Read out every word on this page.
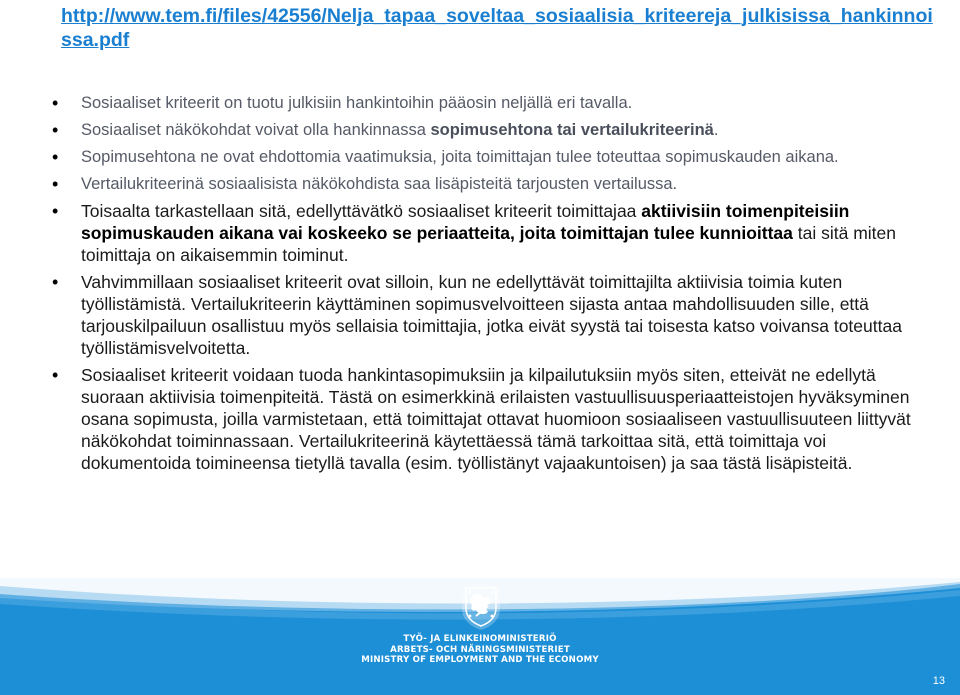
http://www.tem.fi/files/42556/Nelja_tapaa_soveltaa_sosiaalisia_kriteereja_julkisissa_hankinnoissa.pdf
• Sosiaaliset kriteerit on tuotu julkisiin hankintoihin pääosin neljällä eri tavalla.
• Sosiaaliset näkökohdat voivat olla hankinnassa sopimusehtona tai vertailukriteerinä.
• Sopimusehtona ne ovat ehdottomia vaatimuksia, joita toimittajan tulee toteuttaa sopimuskauden aikana.
• Vertailukriteerinä sosiaalisista näkökohdista saa lisäpisteitä tarjousten vertailussa.
• Toisaalta tarkastellaan sitä, edellyttävätkö sosiaaliset kriteerit toimittajaa aktiivisiin toimenpiteisiin sopimuskauden aikana vai koskeeko se periaatteita, joita toimittajan tulee kunnioittaa tai sitä miten toimittaja on aikaisemmin toiminut.
• Vahvimmillaan sosiaaliset kriteerit ovat silloin, kun ne edellyttävät toimittajilta aktiivisia toimia kuten työllistämistä. Vertailukriteerin käyttäminen sopimusvelvoitteen sijasta antaa mahdollisuuden sille, että tarjouskilpailuun osallistuu myös sellaisia toimittajia, jotka eivät syystä tai toisesta katso voivansa toteuttaa työllistämisvelvoitetta.
• Sosiaaliset kriteerit voidaan tuoda hankintasopimuksiin ja kilpailutuksiin myös siten, etteivät ne edellytä suoraan aktiivisia toimenpiteitä. Tästä on esimerkkinä erilaisten vastuullisuusperiaatteistojen hyväksyminen osana sopimusta, joilla varmistetaan, että toimittajat ottavat huomioon sosiaaliseen vastuullisuuteen liittyvät näkökohdat toiminnassaan. Vertailukriteerinä käytettäessä tämä tarkoittaa sitä, että toimittaja voi dokumentoida toimineensa tietyllä tavalla (esim. työllistänyt vajaakuntoisen) ja saa tästä lisäpisteitä.
13
TYÖ- JA ELINKEINOMINISTERIÖ
ARBETS- OCH NÄRINGSMINISTERIET
MINISTRY OF EMPLOYMENT AND THE ECONOMY
